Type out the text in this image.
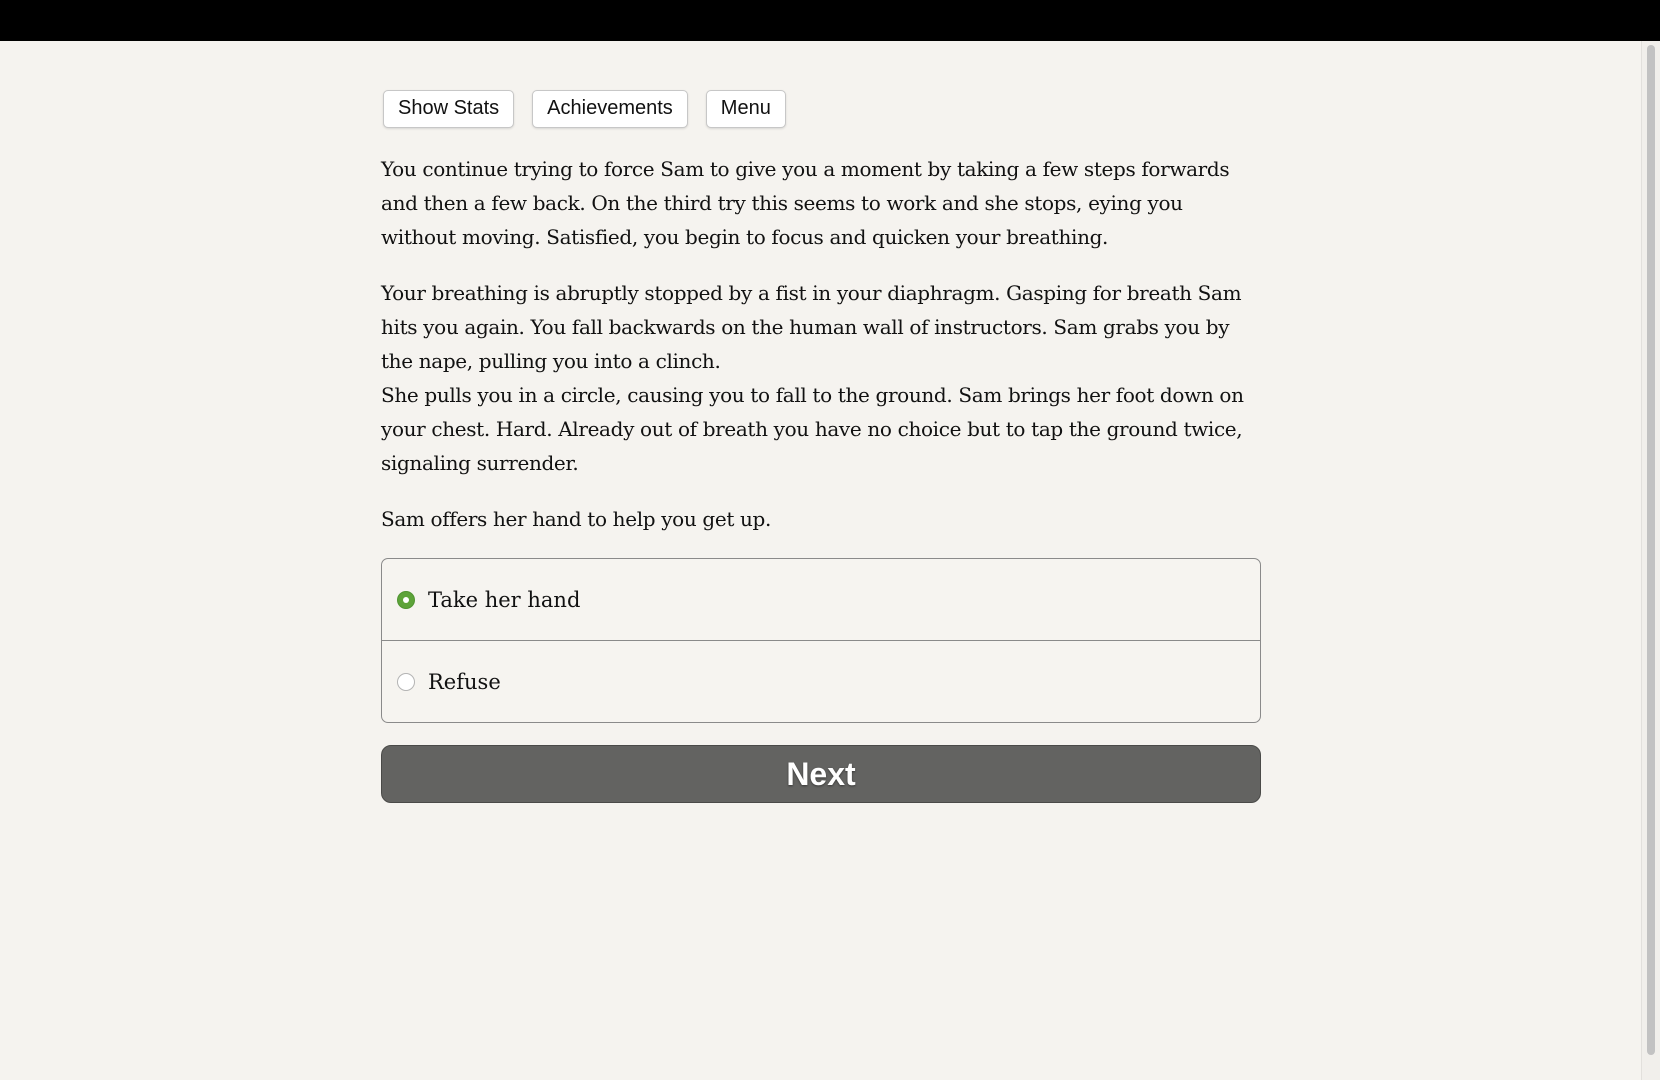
Show Stats	Achievements	Menu

You continue trying to force Sam to give you a moment by taking a few steps forwards and then a few back. On the third try this seems to work and she stops, eying you without moving. Satisfied, you begin to focus and quicken your breathing.

Your breathing is abruptly stopped by a fist in your diaphragm. Gasping for breath Sam hits you again. You fall backwards on the human wall of instructors. Sam grabs you by the nape, pulling you into a clinch.

She pulls you in a circle, causing you to fall to the ground. Sam brings her foot down on your chest. Hard. Already out of breath you have no choice but to tap the ground twice, signaling surrender.

Sam offers her hand to help you get up.

Take her hand
Refuse
Next
